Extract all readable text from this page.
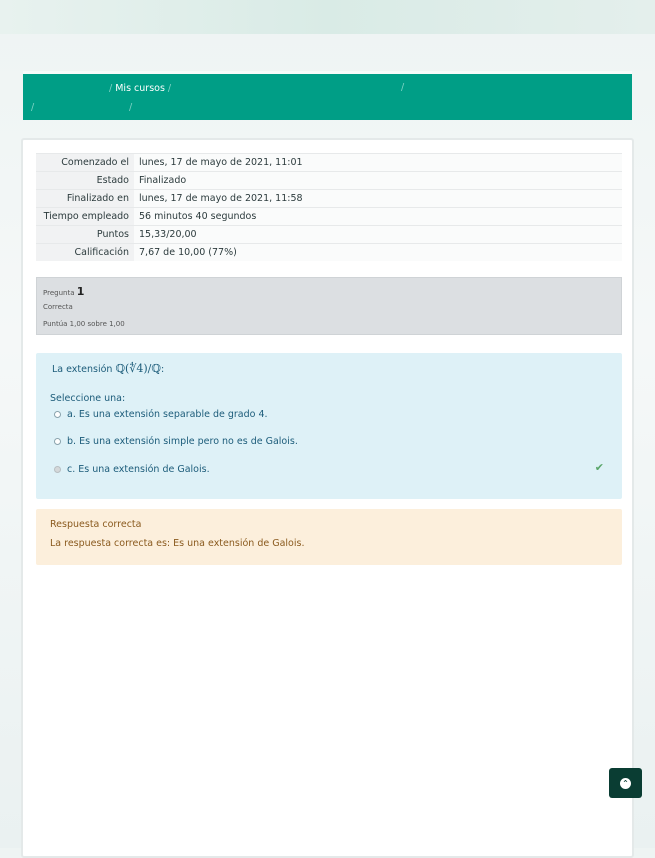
/ Mis cursos /	/
/	/
Comenzado el	lunes, 17 de mayo de 2021, 11:01
Estado	Finalizado
Finalizado en	lunes, 17 de mayo de 2021, 11:58
Tiempo empleado	56 minutos 40 segundos
Puntos	15,33/20,00
Calificación	7,67 de 10,00 (77%)
Pregunta 1
Correcta
Puntúa 1,00 sobre 1,00
La extensión ℚ(∜4)/ℚ:
Seleccione una:
a. Es una extensión separable de grado 4.
b. Es una extensión simple pero no es de Galois.
c. Es una extensión de Galois.	✔
Respuesta correcta
La respuesta correcta es: Es una extensión de Galois.
⌃
